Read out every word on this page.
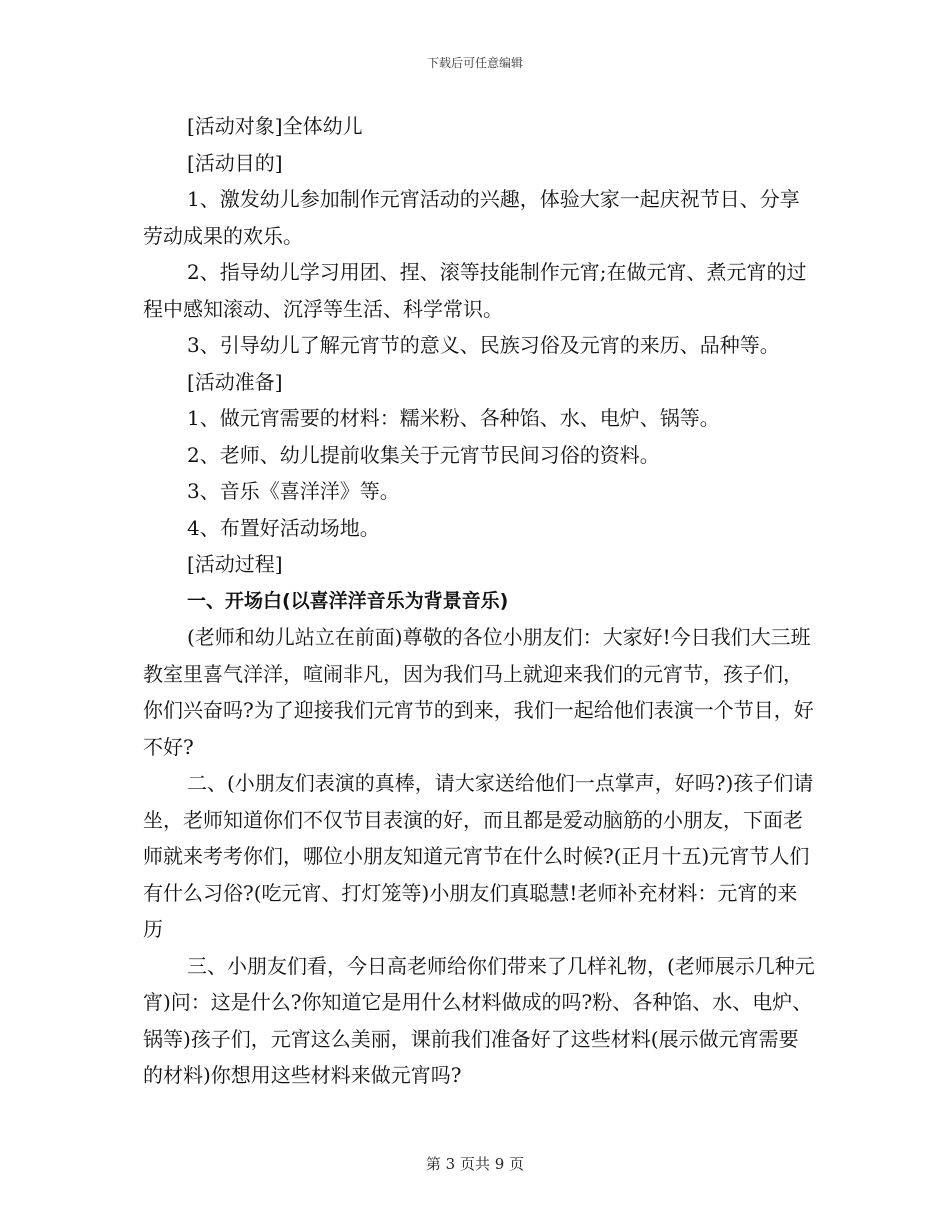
下载后可任意编辑

[活动对象]全体幼儿

[活动目的]

1、激发幼儿参加制作元宵活动的兴趣，体验大家一起庆祝节日、分享劳动成果的欢乐。

2、指导幼儿学习用团、捏、滚等技能制作元宵;在做元宵、煮元宵的过程中感知滚动、沉浮等生活、科学常识。

3、引导幼儿了解元宵节的意义、民族习俗及元宵的来历、品种等。

[活动准备]

1、做元宵需要的材料：糯米粉、各种馅、水、电炉、锅等。

2、老师、幼儿提前收集关于元宵节民间习俗的资料。

3、音乐《喜洋洋》等。

4、布置好活动场地。

[活动过程]

一、开场白(以喜洋洋音乐为背景音乐)

(老师和幼儿站立在前面)尊敬的各位小朋友们：大家好!今日我们大三班教室里喜气洋洋，喧闹非凡，因为我们马上就迎来我们的元宵节，孩子们，你们兴奋吗?为了迎接我们元宵节的到来，我们一起给他们表演一个节目，好不好?

二、(小朋友们表演的真棒，请大家送给他们一点掌声，好吗?)孩子们请坐，老师知道你们不仅节目表演的好，而且都是爱动脑筋的小朋友，下面老师就来考考你们，哪位小朋友知道元宵节在什么时候?(正月十五)元宵节人们有什么习俗?(吃元宵、打灯笼等)小朋友们真聪慧!老师补充材料：元宵的来历

三、小朋友们看，今日高老师给你们带来了几样礼物，(老师展示几种元宵)问：这是什么?你知道它是用什么材料做成的吗?粉、各种馅、水、电炉、锅等)孩子们，元宵这么美丽，课前我们准备好了这些材料(展示做元宵需要的材料)你想用这些材料来做元宵吗?

第 3 页共 9 页
